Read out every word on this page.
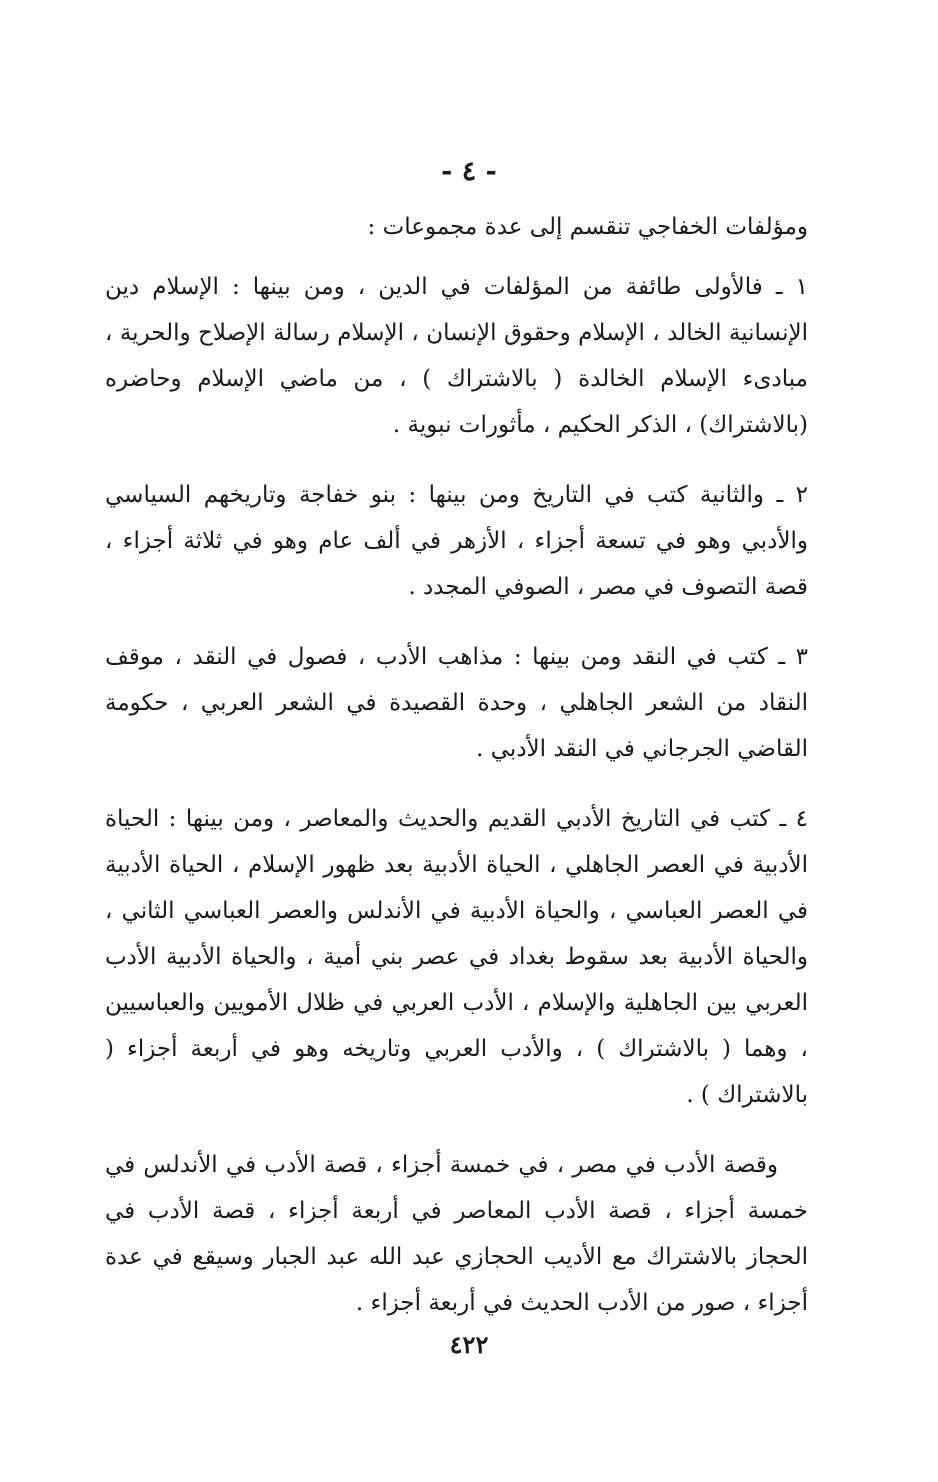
- ٤ -

ومؤلفات الخفاجي تنقسم إلى عدة مجموعات :

١ ـ فالأولى طائفة من المؤلفات في الدين ، ومن بينها : الإسلام دين الإنسانية الخالد ، الإسلام وحقوق الإنسان ، الإسلام رسالة الإصلاح والحرية ، مبادىء الإسلام الخالدة ( بالاشتراك ) ، من ماضي الإسلام وحاضره (بالاشتراك) ، الذكر الحكيم ، مأثورات نبوية .

٢ ـ والثانية كتب في التاريخ ومن بينها : بنو خفاجة وتاريخهم السياسي والأدبي وهو في تسعة أجزاء ، الأزهر في ألف عام وهو في ثلاثة أجزاء ، قصة التصوف في مصر ، الصوفي المجدد .

٣ ـ كتب في النقد ومن بينها : مذاهب الأدب ، فصول في النقد ، موقف النقاد من الشعر الجاهلي ، وحدة القصيدة في الشعر العربي ، حكومة القاضي الجرجاني في النقد الأدبي .

٤ ـ كتب في التاريخ الأدبي القديم والحديث والمعاصر ، ومن بينها : الحياة الأدبية في العصر الجاهلي ، الحياة الأدبية بعد ظهور الإسلام ، الحياة الأدبية في العصر العباسي ، والحياة الأدبية في الأندلس والعصر العباسي الثاني ، والحياة الأدبية بعد سقوط بغداد في عصر بني أمية ، والحياة الأدبية الأدب العربي بين الجاهلية والإسلام ، الأدب العربي في ظلال الأمويين والعباسيين ، وهما ( بالاشتراك ) ، والأدب العربي وتاريخه وهو في أربعة أجزاء ( بالاشتراك ) .

وقصة الأدب في مصر ، في خمسة أجزاء ، قصة الأدب في الأندلس في خمسة أجزاء ، قصة الأدب المعاصر في أربعة أجزاء ، قصة الأدب في الحجاز بالاشتراك مع الأديب الحجازي عبد الله عبد الجبار وسيقع في عدة أجزاء ، صور من الأدب الحديث في أربعة أجزاء .

٤٢٢
